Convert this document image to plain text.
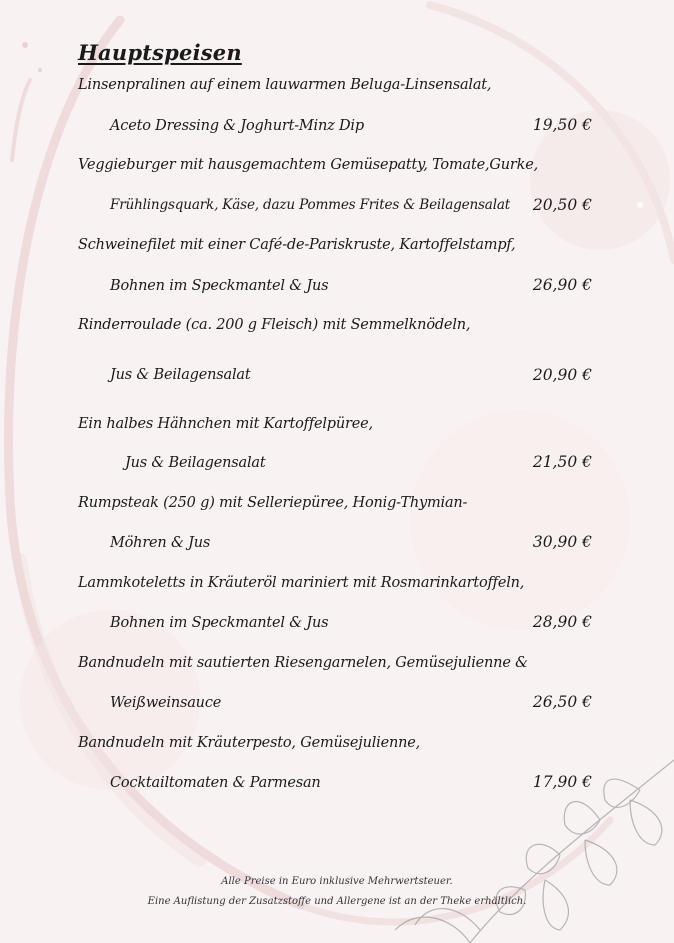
Hauptspeisen
Linsenpralinen auf einem lauwarmen Beluga-Linsensalat,
Aceto Dressing & Joghurt-Minz Dip	19,50 €
Veggieburger mit hausgemachtem Gemüsepatty, Tomate,Gurke,
Frühlingsquark, Käse, dazu Pommes Frites & Beilagensalat 20,50 €
Schweinefilet mit einer Café-de-Pariskruste, Kartoffelstampf,
Bohnen im Speckmantel & Jus	26,90 €
Rinderroulade (ca. 200 g Fleisch) mit Semmelknödeln,
Jus & Beilagensalat	20,90 €
Ein halbes Hähnchen mit Kartoffelpüree,
Jus & Beilagensalat	21,50 €
Rumpsteak (250 g) mit Selleriepüree, Honig-Thymian-
Möhren & Jus	30,90 €
Lammkoteletts in Kräuteröl mariniert mit Rosmarinkartoffeln,
Bohnen im Speckmantel & Jus	28,90 €
Bandnudeln mit sautierten Riesengarnelen, Gemüsejulienne &
Weißweinsauce	26,50 €
Bandnudeln mit Kräuterpesto, Gemüsejulienne,
Cocktailtomaten & Parmesan	17,90 €
Alle Preise in Euro inklusive Mehrwertsteuer.
Eine Auflistung der Zusatzstoffe und Allergene ist an der Theke erhältlich.
